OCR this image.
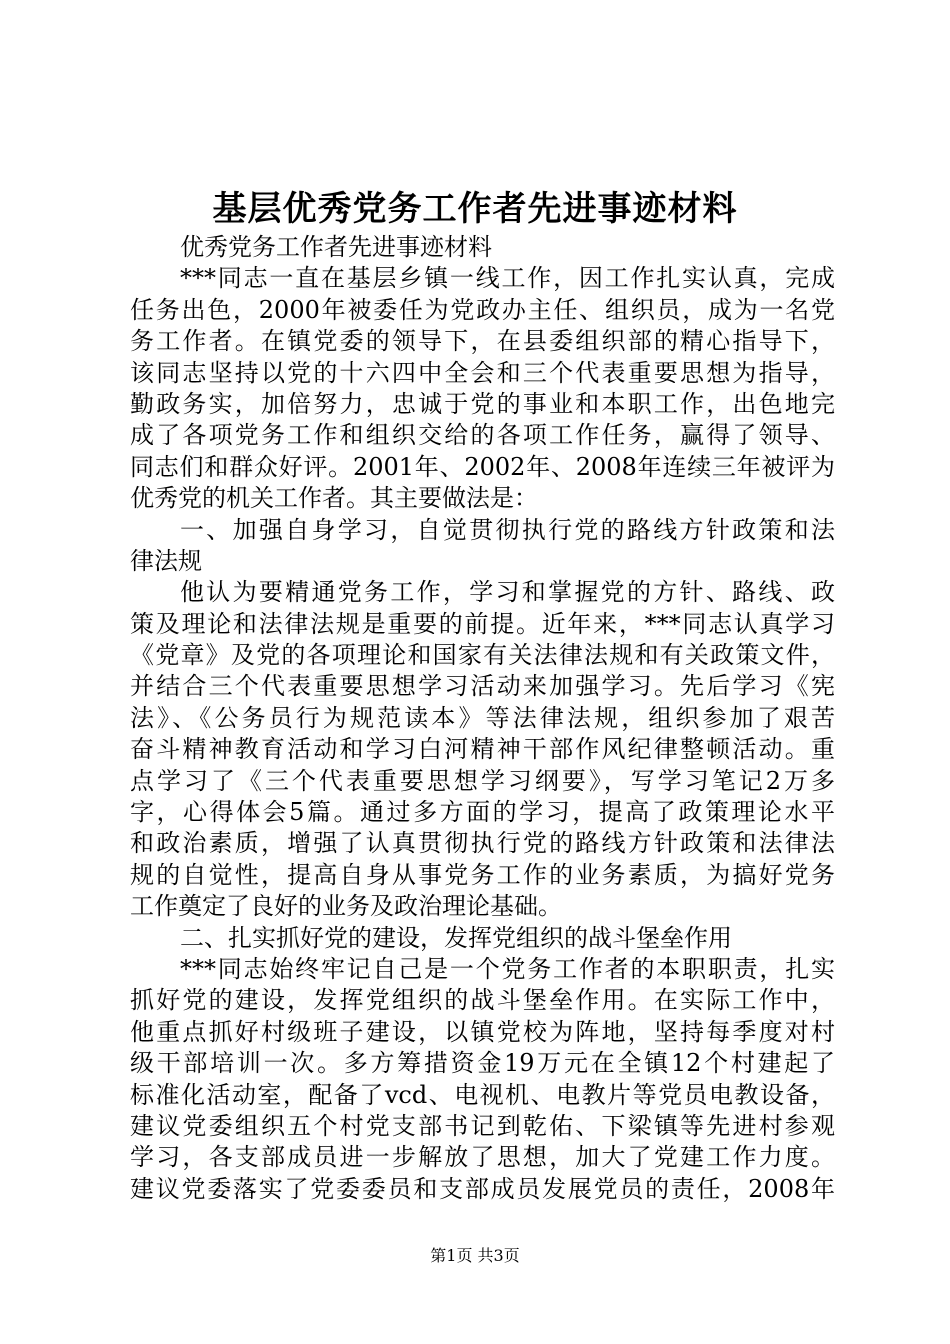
基层优秀党务工作者先进事迹材料
优秀党务工作者先进事迹材料
***同志一直在基层乡镇一线工作，因工作扎实认真，完成
任务出色，2000年被委任为党政办主任、组织员，成为一名党
务工作者。在镇党委的领导下，在县委组织部的精心指导下，
该同志坚持以党的十六四中全会和三个代表重要思想为指导，
勤政务实，加倍努力，忠诚于党的事业和本职工作，出色地完
成了各项党务工作和组织交给的各项工作任务，赢得了领导、
同志们和群众好评。2001年、2002年、2008年连续三年被评为
优秀党的机关工作者。其主要做法是：
一、加强自身学习，自觉贯彻执行党的路线方针政策和法
律法规
他认为要精通党务工作，学习和掌握党的方针、路线、政
策及理论和法律法规是重要的前提。近年来，***同志认真学习
《党章》及党的各项理论和国家有关法律法规和有关政策文件，
并结合三个代表重要思想学习活动来加强学习。先后学习《宪
法》、《公务员行为规范读本》等法律法规，组织参加了艰苦
奋斗精神教育活动和学习白河精神干部作风纪律整顿活动。重
点学习了《三个代表重要思想学习纲要》，写学习笔记2万多
字，心得体会5篇。通过多方面的学习，提高了政策理论水平
和政治素质，增强了认真贯彻执行党的路线方针政策和法律法
规的自觉性，提高自身从事党务工作的业务素质，为搞好党务
工作奠定了良好的业务及政治理论基础。
二、扎实抓好党的建设，发挥党组织的战斗堡垒作用
***同志始终牢记自己是一个党务工作者的本职职责，扎实
抓好党的建设，发挥党组织的战斗堡垒作用。在实际工作中，
他重点抓好村级班子建设，以镇党校为阵地，坚持每季度对村
级干部培训一次。多方筹措资金19万元在全镇12个村建起了
标准化活动室，配备了vcd、电视机、电教片等党员电教设备，
建议党委组织五个村党支部书记到乾佑、下梁镇等先进村参观
学习，各支部成员进一步解放了思想，加大了党建工作力度。
建议党委落实了党委委员和支部成员发展党员的责任，2008年
第1页 共3页
